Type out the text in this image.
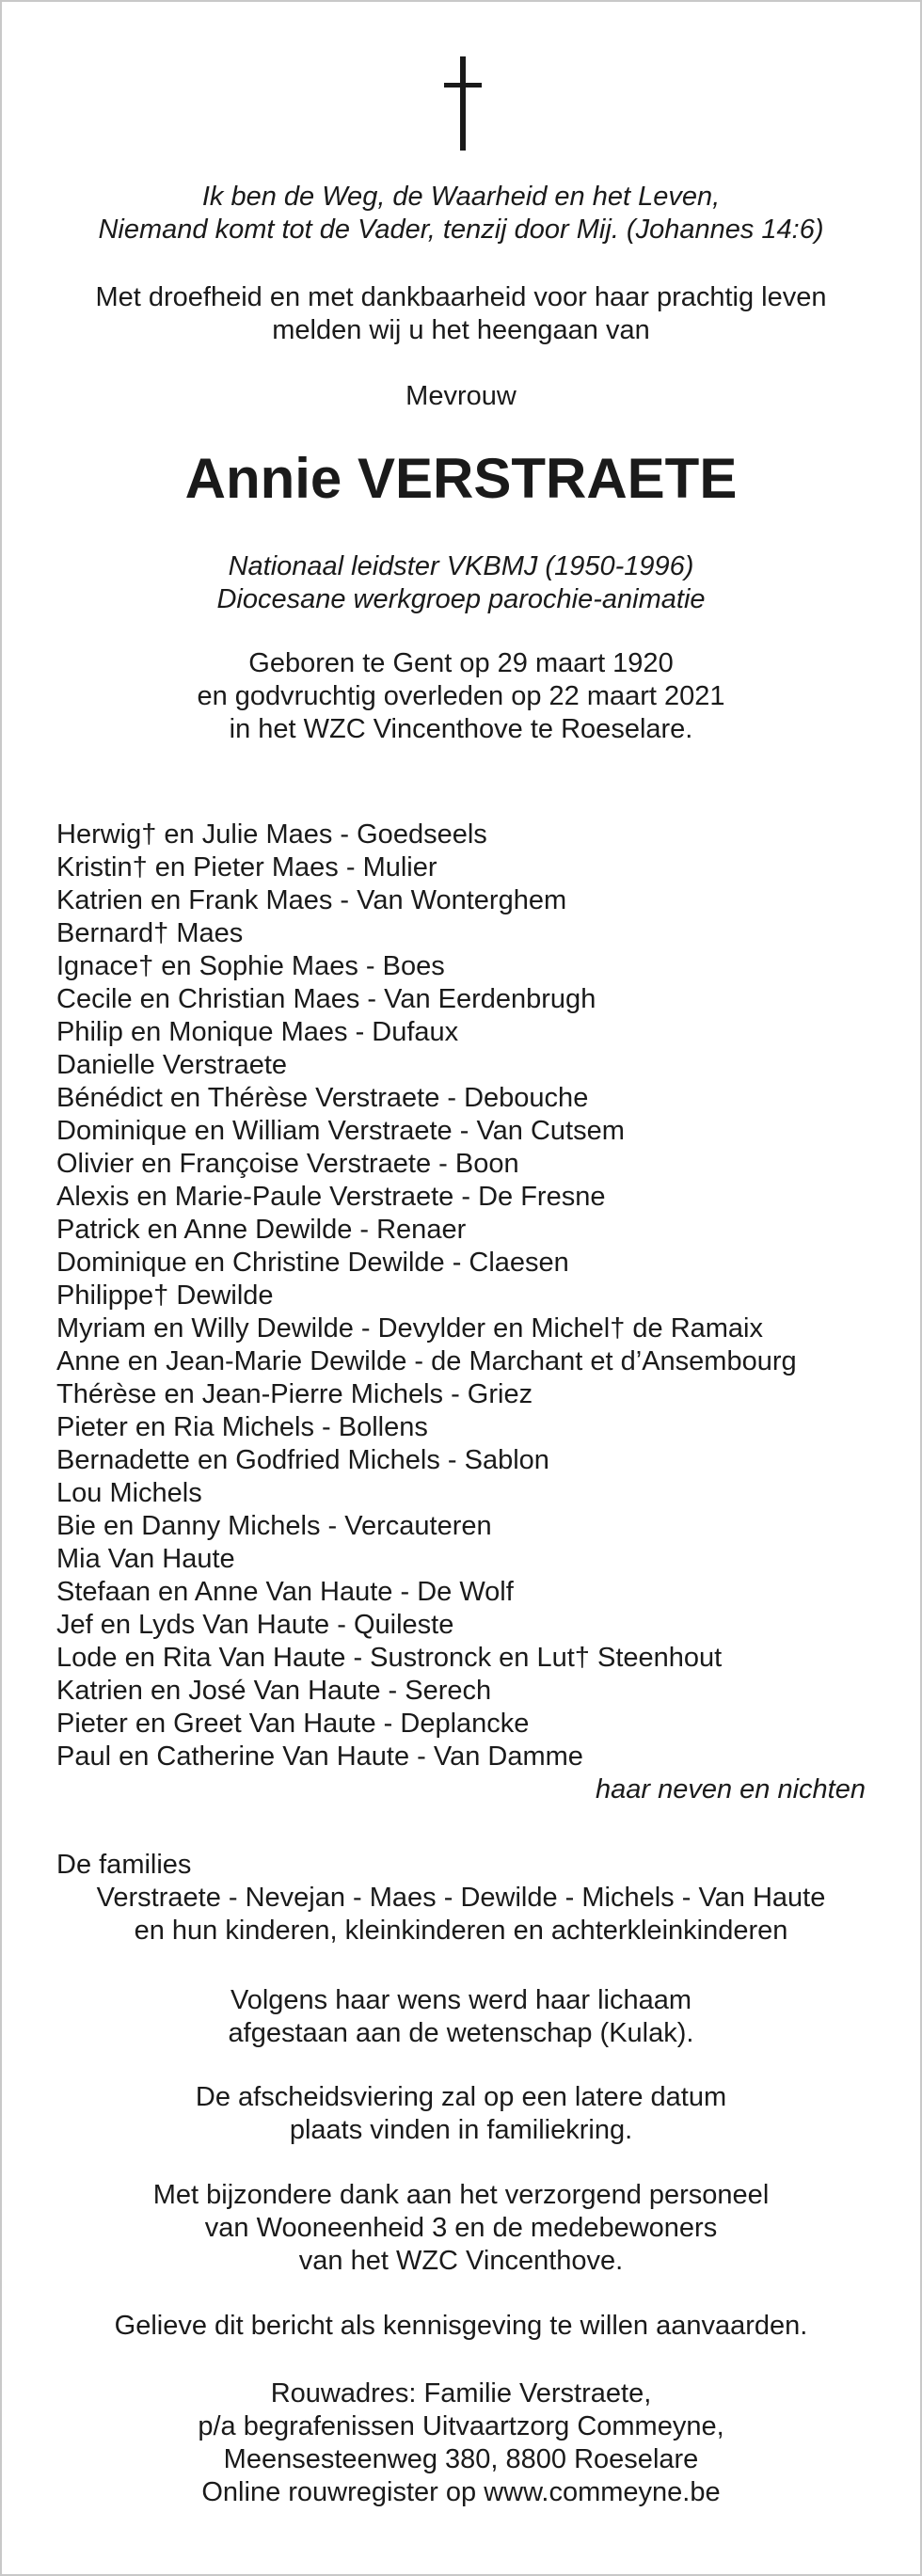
Ik ben de Weg, de Waarheid en het Leven,
Niemand komt tot de Vader, tenzij door Mij. (Johannes 14:6)
Met droefheid en met dankbaarheid voor haar prachtig leven
melden wij u het heengaan van
Mevrouw
Annie VERSTRAETE
Nationaal leidster VKBMJ (1950-1996)
Diocesane werkgroep parochie-animatie
Geboren te Gent op 29 maart 1920
en godvruchtig overleden op 22 maart 2021
in het WZC Vincenthove te Roeselare.
Herwig† en Julie Maes - Goedseels
Kristin† en Pieter Maes - Mulier
Katrien en Frank Maes - Van Wonterghem
Bernard† Maes
Ignace† en Sophie Maes - Boes
Cecile en Christian Maes - Van Eerdenbrugh
Philip en Monique Maes - Dufaux
Danielle Verstraete
Bénédict en Thérèse Verstraete - Debouche
Dominique en William Verstraete - Van Cutsem
Olivier en Françoise Verstraete - Boon
Alexis en Marie-Paule Verstraete - De Fresne
Patrick en Anne Dewilde - Renaer
Dominique en Christine Dewilde - Claesen
Philippe† Dewilde
Myriam en Willy Dewilde - Devylder en Michel† de Ramaix
Anne en Jean-Marie Dewilde - de Marchant et d’Ansembourg
Thérèse en Jean-Pierre Michels - Griez
Pieter en Ria Michels - Bollens
Bernadette en Godfried Michels - Sablon
Lou Michels
Bie en Danny Michels - Vercauteren
Mia Van Haute
Stefaan en Anne Van Haute - De Wolf
Jef en Lyds Van Haute - Quileste
Lode en Rita Van Haute - Sustronck en Lut† Steenhout
Katrien en José Van Haute - Serech
Pieter en Greet Van Haute - Deplancke
Paul en Catherine Van Haute - Van Damme
haar neven en nichten
De families
Verstraete - Nevejan - Maes - Dewilde - Michels - Van Haute
en hun kinderen, kleinkinderen en achterkleinkinderen
Volgens haar wens werd haar lichaam
afgestaan aan de wetenschap (Kulak).
De afscheidsviering zal op een latere datum
plaats vinden in familiekring.
Met bijzondere dank aan het verzorgend personeel
van Wooneenheid 3 en de medebewoners
van het WZC Vincenthove.
Gelieve dit bericht als kennisgeving te willen aanvaarden.
Rouwadres: Familie Verstraete,
p/a begrafenissen Uitvaartzorg Commeyne,
Meensesteenweg 380, 8800 Roeselare
Online rouwregister op www.commeyne.be
